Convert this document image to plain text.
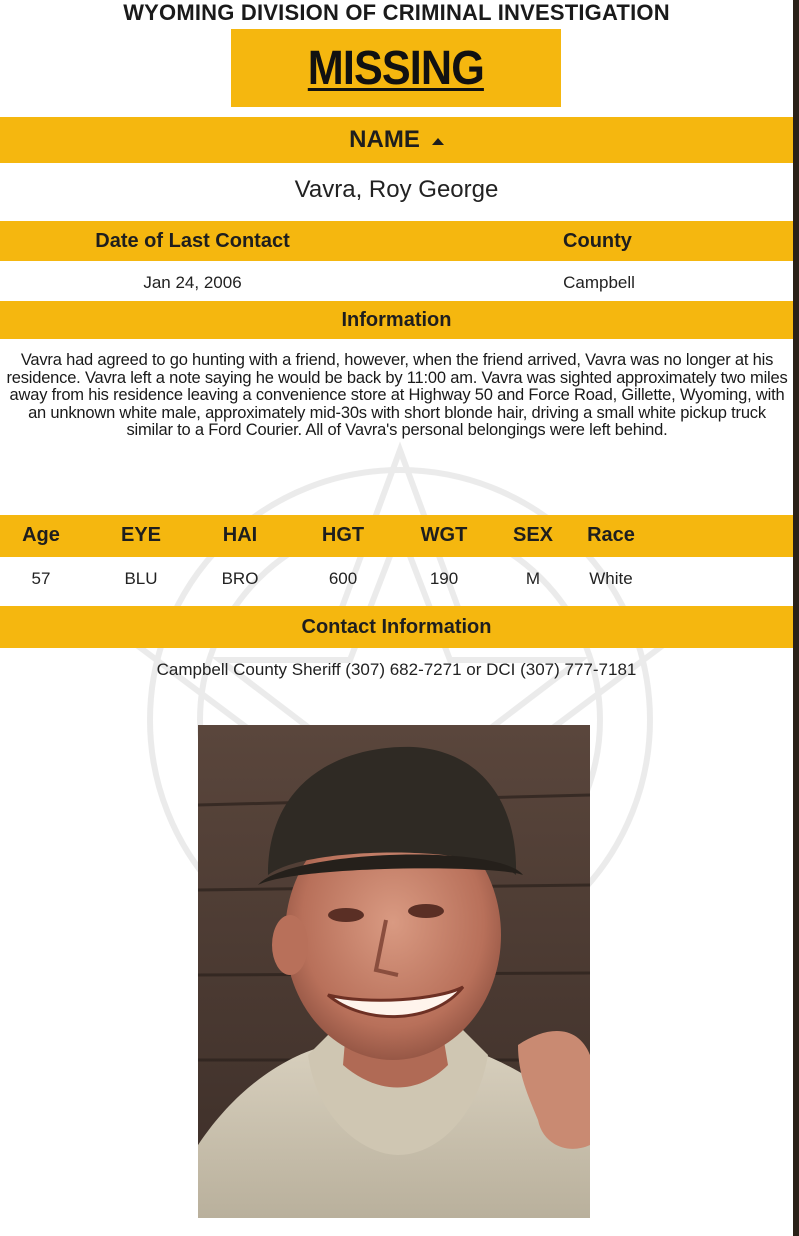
WYOMING DIVISION OF CRIMINAL INVESTIGATION
MISSING
NAME
Vavra, Roy George
Date of Last Contact	County
Jan 24, 2006	Campbell
Information
Vavra had agreed to go hunting with a friend, however, when the friend arrived, Vavra was no longer at his residence. Vavra left a note saying he would be back by 11:00 am. Vavra was sighted approximately two miles away from his residence leaving a convenience store at Highway 50 and Force Road, Gillette, Wyoming, with an unknown white male, approximately mid-30s with short blonde hair, driving a small white pickup truck similar to a Ford Courier. All of Vavra's personal belongings were left behind.
Age	EYE	HAI	HGT	WGT	SEX	Race
57	BLU	BRO	600	190	M	White
Contact Information
Campbell County Sheriff (307) 682-7271 or DCI (307) 777-7181
